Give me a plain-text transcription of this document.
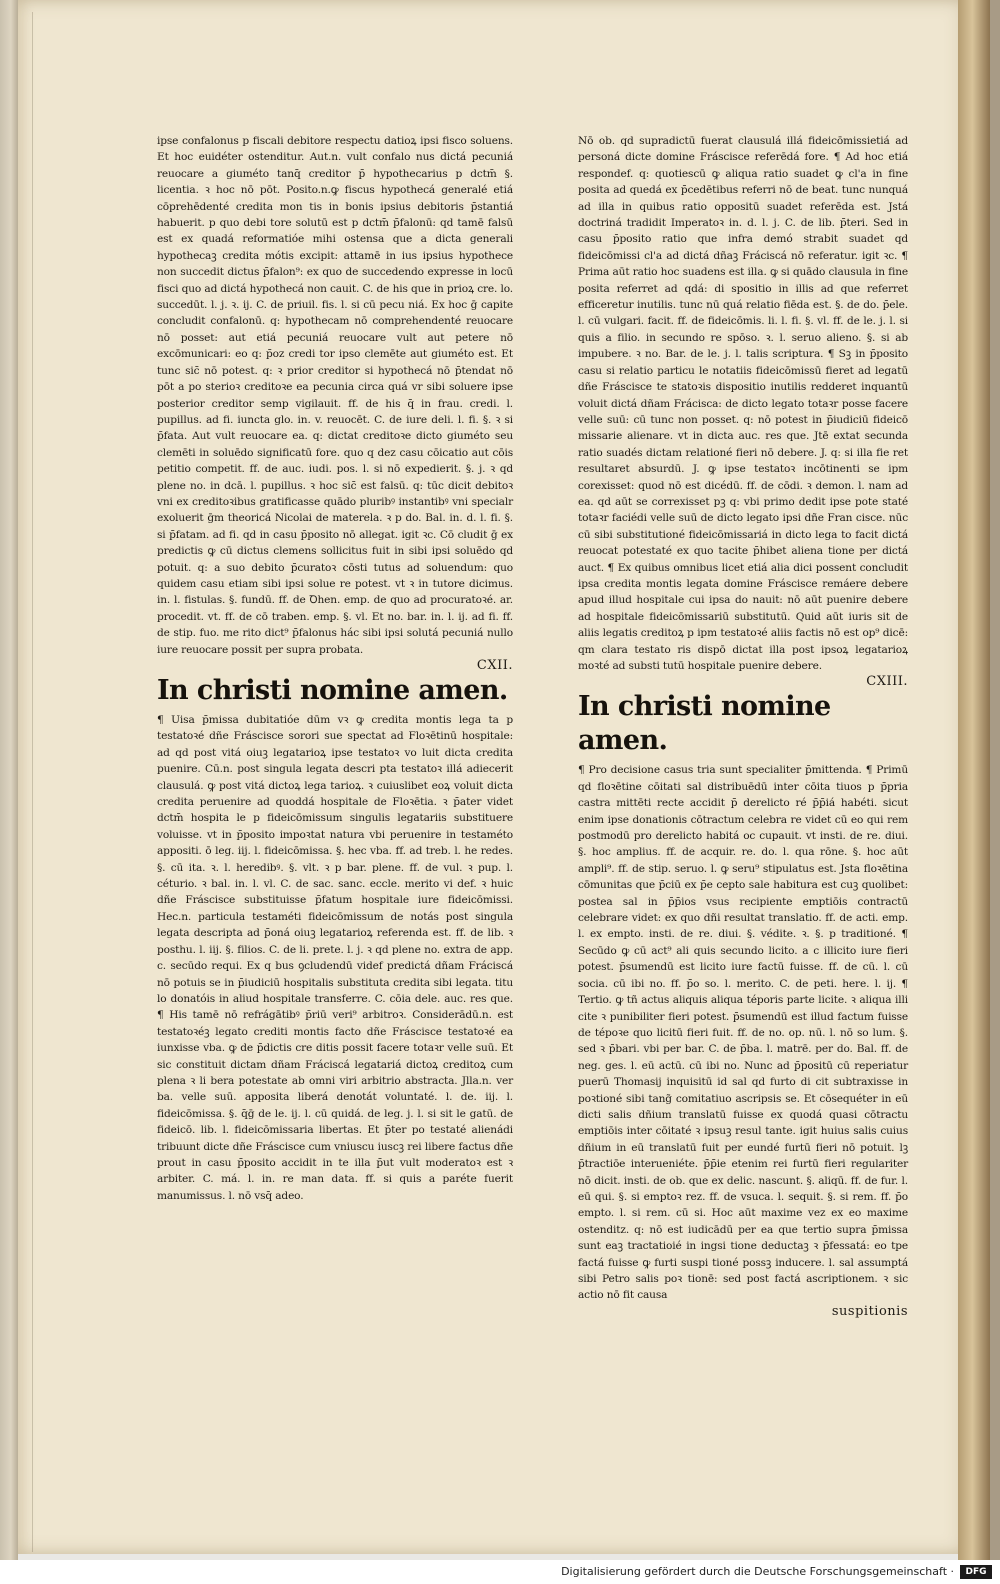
ipse confalonus p fiscali debitore respectu datioꝝ ipsi fisco soluens. Et hoc euidéter ostenditur. Aut.n. vult confalo nus dictá pecuniá reuocare a giuméto tanq̄ creditor p̄ hypothecarius p dctm̄ §. licentia. ꝛ hoc nō pōt. Posito.n.ꝙ fiscus hypothecá generalé etiá cōprehēdenté credita mon tis in bonis ipsius debitoris p̄stantiá habuerit. p quo debi tore solutū est p dctm̄ p̄falonū: qd tamē falsū est ex quadá reformatióe mihi ostensa que a dicta generali hypothecaꝫ credita mótis excipit: attamē in ius ipsius hypothece non succedit dictus p̄falon⁹: ex quo de succedendo expresse in locū fisci quo ad dictá hypothecá non cauit. C. de his que in prioꝝ cre. lo. succedūt. l. j. ꝛ. ij. C. de priuil. fis. l. si cū pecu niá. Ex hoc ḡ capite concludit confalonū. q: hypothecam nō comprehendenté reuocare nō posset: aut etiá pecuniá reuocare vult aut petere nō excōmunicari: eo q: p̄oz credi tor ipso clemēte aut giuméto est. Et tunc sic̄ nō potest. q: ꝛ prior creditor si hypothecá nō p̄tendat nō pōt a po sterioꝛ creditoꝛe ea pecunia circa quá vr sibi soluere ipse posterior creditor semp vigilauit. ff. de his q̄ in frau. credi. l. pupillus. ad fi. iuncta glo. in. v. reuocēt. C. de iure deli. l. fi. §. ꝛ si p̄fata. Aut vult reuocare ea. q: dictat creditoꝛe dicto giuméto seu clemēti in soluēdo significatū fore. quo q dez casu cōicatio aut cōis petitio competit. ff. de auc. iudi. pos. l. si nō expedierit. §. j. ꝛ qd plene no. in dcā. l. pupillus. ꝛ hoc sic̄ est falsū. q: tūc dicit debitoꝛ vni ex creditoꝛibus gratificasse quādo pluribꝰ instantibꝰ vni specialr exoluerit ḡm theoricá Nicolai de materela. ꝛ p do. Bal. in. d. l. fi. §. si p̄fatam. ad fi. qd in casu p̄posito nō allegat. igit ꝛc. Cō cludit ḡ ex predictis ꝙ cū dictus clemens sollicitus fuit in sibi ipsi soluēdo qd potuit. q: a suo debito p̄curatoꝛ cōsti tutus ad soluendum: quo quidem casu etiam sibi ipsi solue re potest. vt ꝛ in tutore dicimus. in. l. fistulas. §. fundū. ff. de Ꝺhen. emp. de quo ad procuratoꝛé. ar. procedit. vt. ff. de cō traben. emp. §. vl. Et no. bar. in. l. ij. ad fi. ff. de stip. fuo. me rito dict⁹ p̄falonus hác sibi ipsi solutá pecuniá nullo iure reuocare possit per supra probata.

CXII.
In christi nomine amen.

¶ Uisa p̄missa dubitatióe dūm vꝛ ꝙ credita montis lega ta p testatoꝛé dñe Fráscisce sorori sue spectat ad Floꝛētinū hospitale: ad qd post vitá oiuꝫ legatarioꝝ ipse testatoꝛ vo luit dicta credita puenire. Cū.n. post singula legata descri pta testatoꝛ illá adiecerit clausulá. ꝙ post vitá dictoꝝ lega tarioꝝ. ꝛ cuiuslibet eoꝝ voluit dicta credita peruenire ad quoddá hospitale de Floꝛētia. ꝛ p̄ater videt dctm̄ hospita le p fideicōmissum singulis legatariis substituere voluisse. vt in p̄posito impoꝛtat natura vbi peruenire in testaméto appositi. ō leg. iij. l. fideicōmissa. §. hec vba. ff. ad treb. l. he redes. §. cū ita. ꝛ. l. heredibꝰ. §. vlt. ꝛ p bar. plene. ff. de vul. ꝛ pup. l. céturio. ꝛ bal. in. l. vl. C. de sac. sanc. eccle. merito vi def. ꝛ huic dñe Fráscisce substituisse p̄fatum hospitale iure fideicōmissi. Hec.n. particula testaméti fideicōmissum de notás post singula legata descripta ad p̄oná oiuꝫ legatarioꝝ referenda est. ff. de lib. ꝛ posthu. l. iij. §. filios. C. de li. prete. l. j. ꝛ qd plene no. extra de app. c. secūdo requi. Ex q bus ꝯcludendū videf predictá dñam Fráciscá nō potuis se in p̄iudiciū hospitalis substituta credita sibi legata. titu lo donatóis in aliud hospitale transferre. C. cōia dele. auc. res que. ¶ His tamē nō refrágātibꝰ p̄riū veri⁹ arbitroꝛ. Considerādū.n. est testatoꝛéꝫ legato crediti montis facto dñe Fráscisce testatoꝛé ea iunxisse vba. ꝙ de p̄dictis cre ditis possit facere totaꝛr velle suū. Et sic constituit dictam dñam Fráciscá legatariá dictoꝝ creditoꝝ cum plena ꝛ li bera potestate ab omni viri arbitrio abstracta. Jlla.n. ver ba. velle suū. apposita liberá denotát voluntaté. l. de. iij. l. fideicōmissa. §. q̄ḡ de le. ij. l. cū quidá. de leg. j. l. si sit le gatū. de fideicō. lib. l. fideicōmissaria libertas. Et p̄ter po testaté alienádi tribuunt dicte dñe Fráscisce cum vniuscu iuscꝫ rei libere factus dñe prout in casu p̄posito accidit in te illa p̄ut vult moderatoꝛ est ꝛ arbiter. C. má. l. in. re man data. ff. si quis a paréte fuerit manumissus. l. nō vsq̄ adeo.

Nō ob. qd supradictū fuerat clausulá illá fideicōmissietiá ad personá dicte domine Fráscisce referēdá fore. ¶ Ad hoc etiá respondef. q: quotiescū ꝙ aliqua ratio suadet ꝙ cl'a in fine posita ad quedá ex p̄cedētibus referri nō de beat. tunc nunquá ad illa in quibus ratio oppositū suadet referēda est. Jstá doctriná tradidit Imperatoꝛ in. d. l. j. C. de lib. p̄teri. Sed in casu p̄posito ratio que infra demó strabit suadet qd fideicōmissi cl'a ad dictá dñaꝫ Fráciscá nō referatur. igit ꝛc. ¶ Prima aūt ratio hoc suadens est illa. ꝙ si quādo clausula in fine posita referret ad qdá: di spositio in illis ad que referret efficeretur inutilis. tunc nū quá relatio fiēda est. §. de do. p̄ele. l. cū vulgari. facit. ff. de fideicōmis. li. l. fi. §. vl. ff. de le. j. l. si quis a filio. in secundo re spōso. ꝛ. l. seruo alieno. §. si ab impubere. ꝛ no. Bar. de le. j. l. talis scriptura. ¶ Sꝫ in p̄posito casu si relatio particu le notatiis fideicōmissū fieret ad legatū dñe Fráscisce te statoꝛis dispositio inutilis redderet inquantū voluit dictá dñam Frácisca: de dicto legato totaꝛr posse facere velle suū: cū tunc non posset. q: nō potest in p̄iudiciū fideicō missarie alienare. vt in dicta auc. res que. Jtē extat secunda ratio suadés dictam relationé fieri nō debere. J. q: si illa fie ret resultaret absurdū. J. ꝙ ipse testatoꝛ incōtinenti se ipm corexisset: quod nō est dicédū. ff. de cōdi. ꝛ demon. l. nam ad ea. qd aūt se correxisset pꝫ q: vbi primo dedit ipse pote staté totaꝛr faciédi velle suū de dicto legato ipsi dñe Fran cisce. nūc cū sibi substitutioné fideicōmissariá in dicto lega to facit dictá reuocat potestaté ex quo tacite p̄hibet aliena tione per dictá auct. ¶ Ex quibus omnibus licet etiá alia dici possent concludit ipsa credita montis legata domine Fráscisce remáere debere apud illud hospitale cui ipsa do nauit: nō aūt puenire debere ad hospitale fideicōmissariū substitutū. Quid aūt iuris sit de aliis legatis creditoꝝ p ipm testatoꝛé aliis factis nō est op⁹ dicē: qm clara testato ris dispō dictat illa post ipsoꝝ legatarioꝝ moꝛté ad substi tutū hospitale puenire debere.

CXIII.
In christi nomine amen.

¶ Pro decisione casus tria sunt specialiter p̄mittenda. ¶ Primū qd floꝛētine cōitati sal distribuēdū inter cōita tiuos p p̄pria castra mittēti recte accidit p̄ derelicto ré p̄p̄iá habéti. sicut enim ipse donationis cōtractum celebra re videt cū eo qui rem postmodū pro derelicto habitá oc cupauit. vt insti. de re. diui. §. hoc amplius. ff. de acquir. re. do. l. qua rōne. §. hoc aūt ampli⁹. ff. de stip. seruo. l. ꝙ seru⁹ stipulatus est. Jsta floꝛētina cōmunitas que p̄ciū ex p̄e cepto sale habitura est cuꝫ quolibet: postea sal in p̄p̄ios vsus recipiente emptiōis contractū celebrare videt: ex quo dñi resultat translatio. ff. de acti. emp. l. ex empto. insti. de re. diui. §. védite. ꝛ. §. p traditioné. ¶ Secūdo ꝙ cū act⁹ ali quis secundo licito. a c illicito iure fieri potest. p̄sumendū est licito iure factū fuisse. ff. de cū. l. cū socia. cū ibi no. ff. p̄o so. l. merito. C. de peti. here. l. ij. ¶ Tertio. ꝙ tñ actus aliquis aliqua téporis parte licite. ꝛ aliqua illi cite ꝛ punibiliter fieri potest. p̄sumendū est illud factum fuisse de tépoꝛe quo licitū fieri fuit. ff. de no. op. nū. l. nō so lum. §. sed ꝛ p̄bari. vbi per bar. C. de p̄ba. l. matrē. per do. Bal. ff. de neg. ges. l. eū actū. cū ibi no. Nunc ad p̄positū cū reperiatur puerū Thomasij inquisitū id sal qd furto di cit subtraxisse in poꝛtioné sibi tang̃ comitatiuo ascripsis se. Et cōsequéter in eū dicti salis dñium translatū fuisse ex quodá quasi cōtractu emptiōis inter cōitaté ꝛ ipsuꝫ resul tante. igit huius salis cuius dñium in eū translatū fuit per eundé furtū fieri nō potuit. lꝫ p̄tractiōe interueniéte. p̄p̄ie etenim rei furtū fieri regulariter nō dicit. insti. de ob. que ex delic. nascunt. §. aliqū. ff. de fur. l. eū qui. §. si emptoꝛ rez. ff. de vsuca. l. sequit. §. si rem. ff. p̄o empto. l. si rem. cū si. Hoc aūt maxime vez ex eo maxime ostenditz. q: nō est iudicādū per ea que tertio supra p̄missa sunt eaꝫ tractatioié in ingsi tione deductaꝫ ꝛ p̄fessatá: eo tpe factá fuisse ꝙ furti suspi tioné possꝫ inducere. l. sal assumptá sibi Petro salis poꝛ tionē: sed post factá ascriptionem. ꝛ sic actio nō fit causa

suspitionis
Digitalisierung gefördert durch die Deutsche Forschungsgemeinschaft ·	DFG
